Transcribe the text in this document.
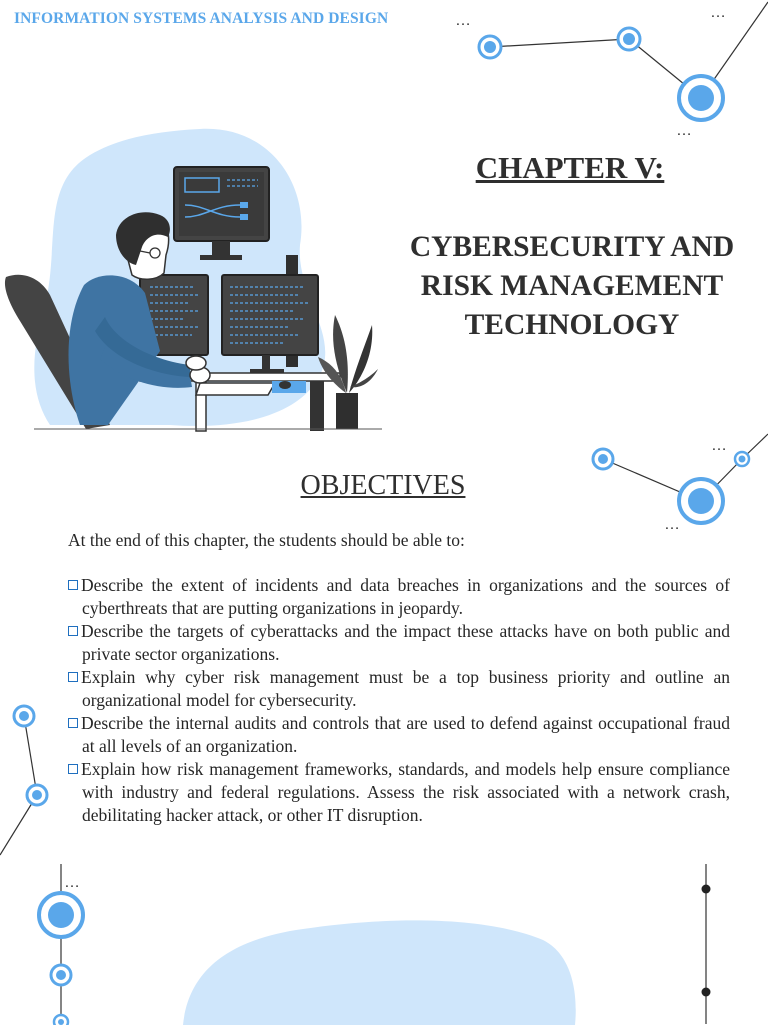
INFORMATION SYSTEMS ANALYSIS AND DESIGN	…	…
…
CHAPTER V:
CYBERSECURITY AND
RISK MANAGEMENT
TECHNOLOGY
…
…
OBJECTIVES
At the end of this chapter, the students should be able to:
Describe the extent of incidents and data breaches in organizations and the sources of cyberthreats that are putting organizations in jeopardy.
Describe the targets of cyberattacks and the impact these attacks have on both public and private sector organizations.
Explain why cyber risk management must be a top business priority and outline an organizational model for cybersecurity.
Describe the internal audits and controls that are used to defend against occupational fraud at all levels of an organization.
Explain how risk management frameworks, standards, and models help ensure compliance with industry and federal regulations. Assess the risk associated with a network crash, debilitating hacker attack, or other IT disruption.
…
